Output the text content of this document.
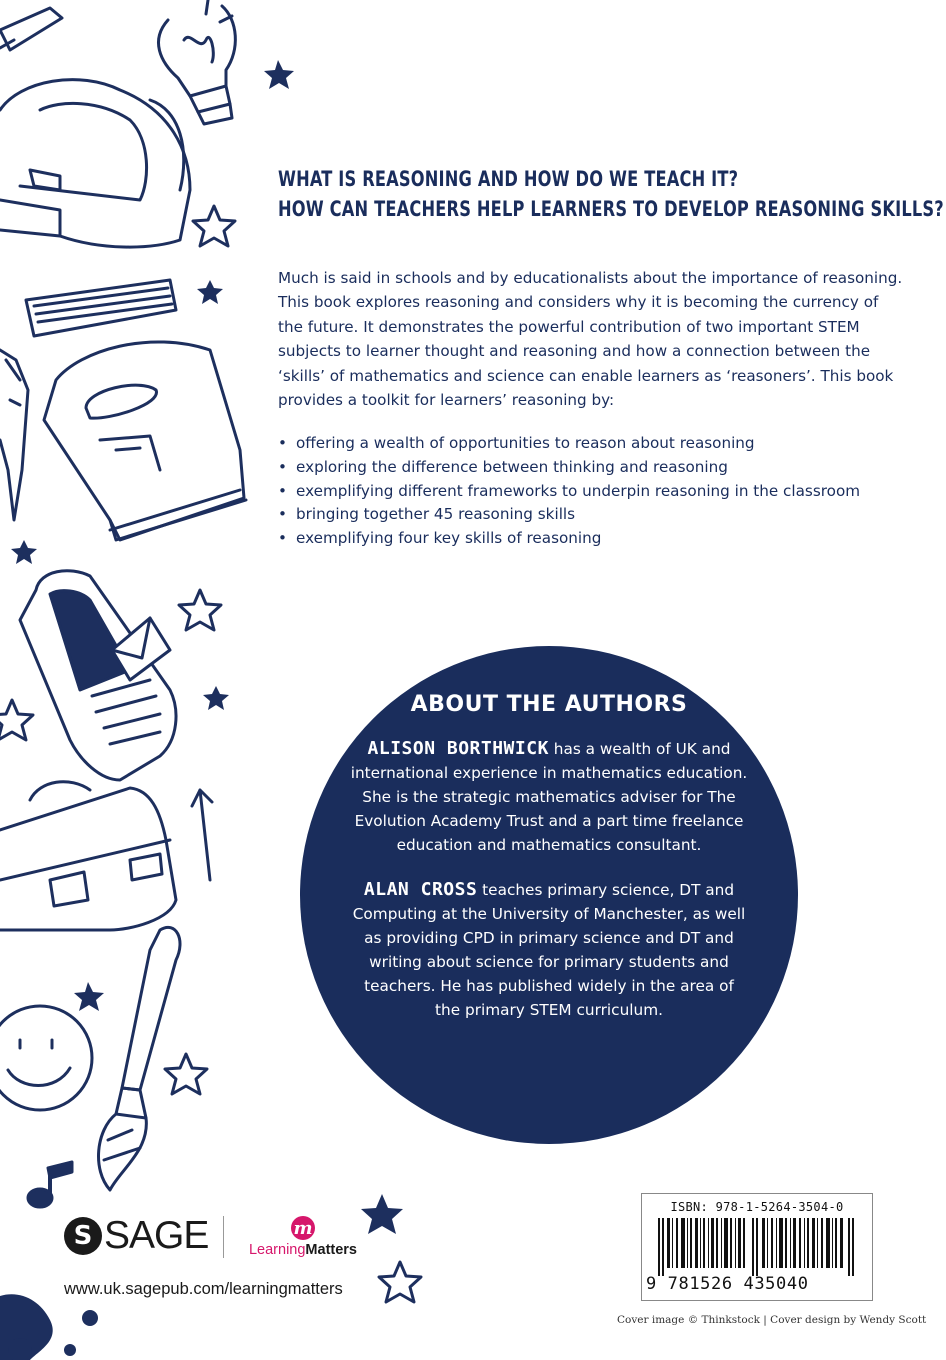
WHAT IS REASONING AND HOW DO WE TEACH IT?
HOW CAN TEACHERS HELP LEARNERS TO DEVELOP REASONING SKILLS?
Much is said in schools and by educationalists about the importance of reasoning.
This book explores reasoning and considers why it is becoming the currency of
the future. It demonstrates the powerful contribution of two important STEM
subjects to learner thought and reasoning and how a connection between the
‘skills’ of mathematics and science can enable learners as ‘reasoners’. This book
provides a toolkit for learners’ reasoning by:
• offering a wealth of opportunities to reason about reasoning
• exploring the difference between thinking and reasoning
• exemplifying different frameworks to underpin reasoning in the classroom
• bringing together 45 reasoning skills
• exemplifying four key skills of reasoning
ABOUT THE AUTHORS
ALISON BORTHWICK has a wealth of UK and
international experience in mathematics education.
She is the strategic mathematics adviser for The
Evolution Academy Trust and a part time freelance
education and mathematics consultant.
ALAN CROSS teaches primary science, DT and
Computing at the University of Manchester, as well
as providing CPD in primary science and DT and
writing about science for primary students and
teachers. He has published widely in the area of
the primary STEM curriculum.
S SAGE	m
LearningMatters
www.uk.sagepub.com/learningmatters
ISBN: 978-1-5264-3504-0
9 781526 435040
Cover image © Thinkstock | Cover design by Wendy Scott
